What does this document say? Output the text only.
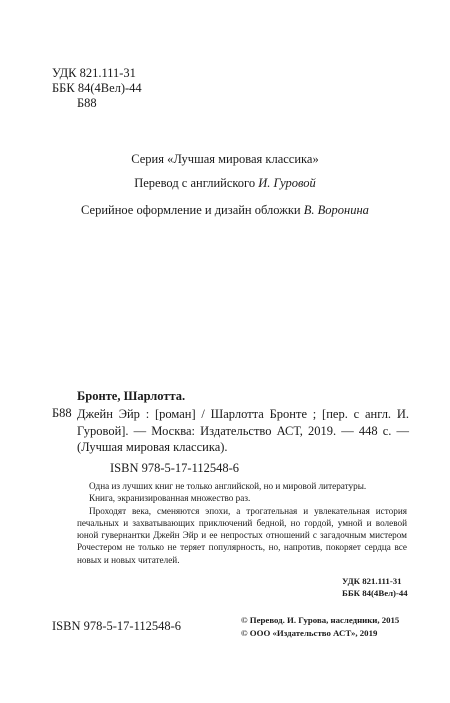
УДК 821.111-31
ББК 84(4Вел)-44
Б88
Серия «Лучшая мировая классика»
Перевод с английского И. Гуровой
Серийное оформление и дизайн обложки В. Воронина
Бронте, Шарлотта.
Б88 Джейн Эйр : [роман] / Шарлотта Бронте ; [пер. с англ. И. Гуровой]. — Москва: Издательство АСТ, 2019. — 448 с. — (Лучшая мировая классика).
ISBN 978-5-17-112548-6

Одна из лучших книг не только английской, но и мировой литературы.

Книга, экранизированная множество раз.

Проходят века, сменяются эпохи, а трогательная и увлекательная история печальных и захватывающих приключений бедной, но гордой, умной и волевой юной гувернантки Джейн Эйр и ее непростых отношений с загадочным мистером Рочестером не только не теряет популярность, но, напротив, покоряет сердца все новых и новых читателей.

УДК 821.111-31
ББК 84(4Вел)-44
ISBN 978-5-17-112548-6	© Перевод. И. Гурова, наследники, 2015
© ООО «Издательство АСТ», 2019
